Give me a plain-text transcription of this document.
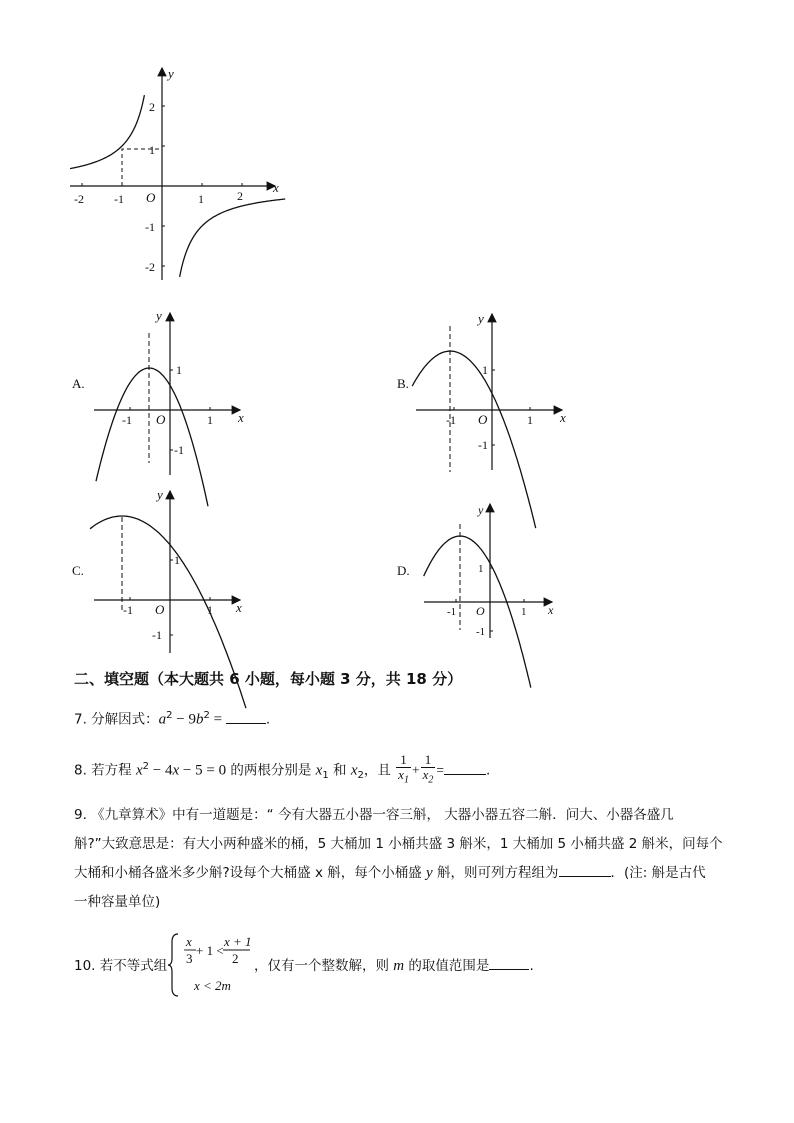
x
y
O
-2	-1	1	2
2
1
-1
-2
A.
x
y
O
-1	1
1
-1
B.
x
y
O
-1	1
1
-1
C.
x
y
O
-1	1
1
-1
D.
x
y
O
-1	1
1
-1
二、填空题（本大题共 6 小题，每小题 3 分，共 18 分）
7. 分解因式：$a^2 - 9b^2$ =	.
8. 若方程 $x^2 - 4x - 5 = 0$ 的两根分别是 $x_1$ 和 $x_2$，且 $\frac{1}{x_1} + \frac{1}{x_2}$ =	.
9. 《九章算术》中有一道题是：“ 今有大器五小器一容三斛， 大器小器五容二斛．问大、小器各盛几
斛?”大致意思是：有大小两种盛米的桶，5 大桶加 1 小桶共盛 3 斛米，1 大桶加 5 小桶共盛 2 斛米，问每个
大桶和小桶各盛米多少斛?设每个大桶盛 x 斛，每个小桶盛 y 斛，则可列方程组为	．(注: 斛是古代
一种容量单位)
10. 若不等式组
x
3
+ 1 <
x + 1
2
x < 2m
，仅有一个整数解，则 m 的取值范围是	.
